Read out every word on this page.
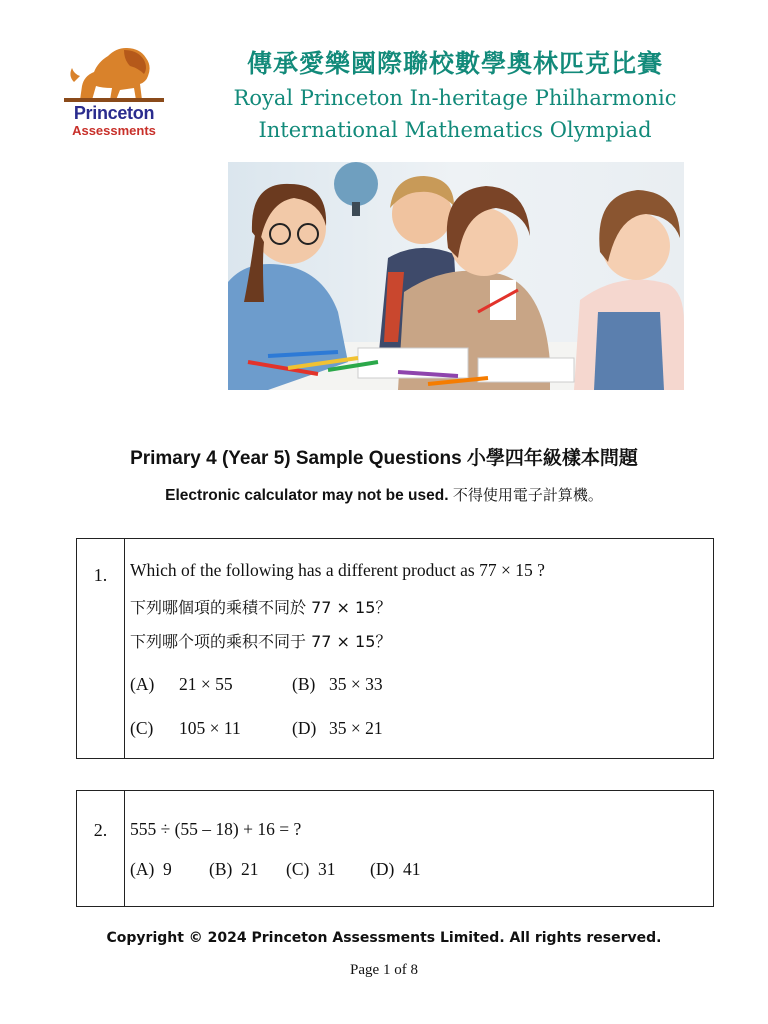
Princeton
Assessments
傳承愛樂國際聯校數學奧林匹克比賽
Royal Princeton In-heritage Philharmonic
International Mathematics Olympiad
Primary 4 (Year 5) Sample Questions 小學四年級樣本問題
Electronic calculator may not be used. 不得使用電子計算機。
1.	Which of the following has a different product as 77 × 15 ?
下列哪個項的乘積不同於 77 × 15？
下列哪个项的乘积不同于 77 × 15？
(A) 21 × 55	(B) 35 × 33
(C) 105 × 11	(D) 35 × 21
2.	555 ÷ (55 – 18) + 16 = ?
(A) 9 (B) 21 (C) 31 (D) 41
Copyright © 2024 Princeton Assessments Limited. All rights reserved.
Page 1 of 8
